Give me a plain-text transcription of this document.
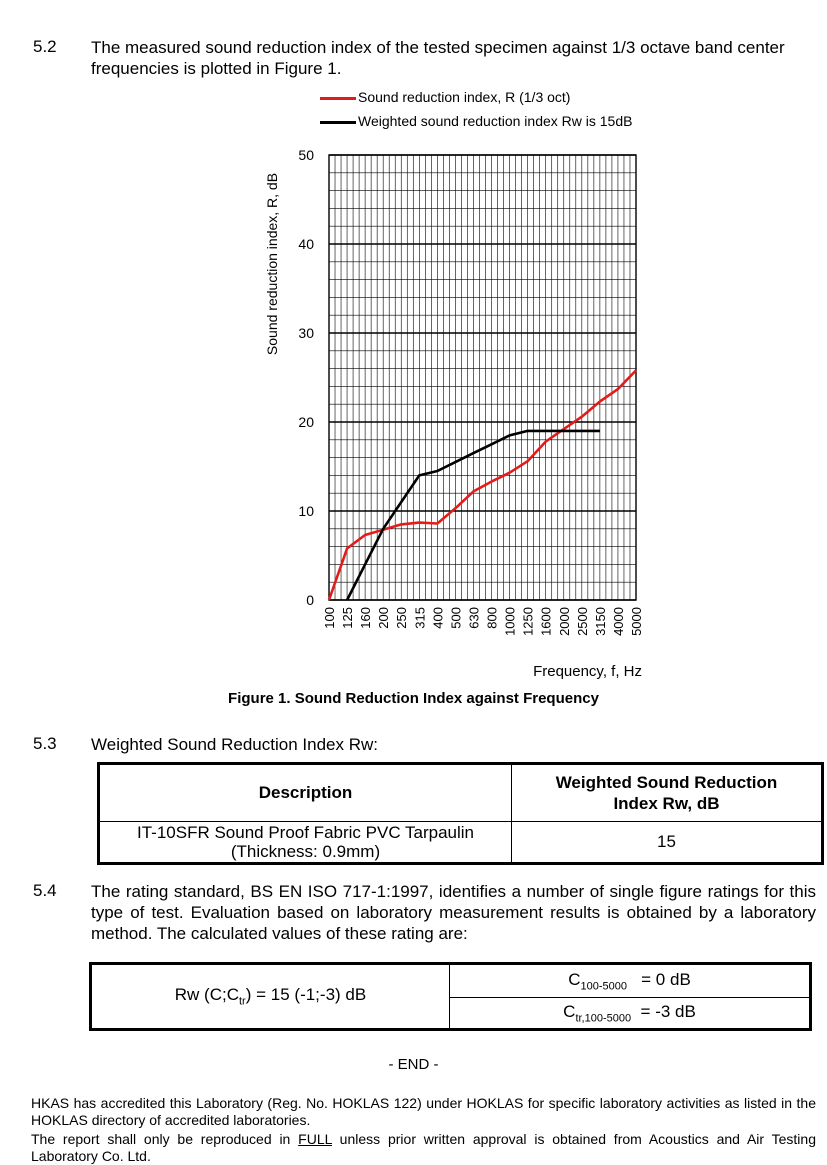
5.2 The measured sound reduction index of the tested specimen against 1/3 octave band center frequencies is plotted in Figure 1.
Sound reduction index, R (1/3 oct)
Weighted sound reduction index Rw is 15dB
Sound reduction index, R, dB
0
10
20
30
40
50
100 125 160 200 250 315 400 500 630 800 1000 1250 1600 2000 2500 3150 4000 5000
Frequency, f, Hz
Figure 1. Sound Reduction Index against Frequency
5.3 Weighted Sound Reduction Index Rw:
Description	Weighted Sound Reduction
Index Rw, dB

IT-10SFR Sound Proof Fabric PVC Tarpaulin
(Thickness: 0.9mm)	15
5.4 The rating standard, BS EN ISO 717-1:1997, identifies a number of single figure ratings for this type of test. Evaluation based on laboratory measurement results is obtained by a laboratory method. The calculated values of these rating are:
Rw $(C;C_{tr}) = 15$ (-1;-3) dB	$C_{100-5000} = 0$ dB
$C_{tr,100-5000} = -3$ dB
- END -
HKAS has accredited this Laboratory (Reg. No. HOKLAS 122) under HOKLAS for specific laboratory activities as listed in the HOKLAS directory of accredited laboratories.
The report shall only be reproduced in FULL unless prior written approval is obtained from Acoustics and Air Testing Laboratory Co. Ltd.
